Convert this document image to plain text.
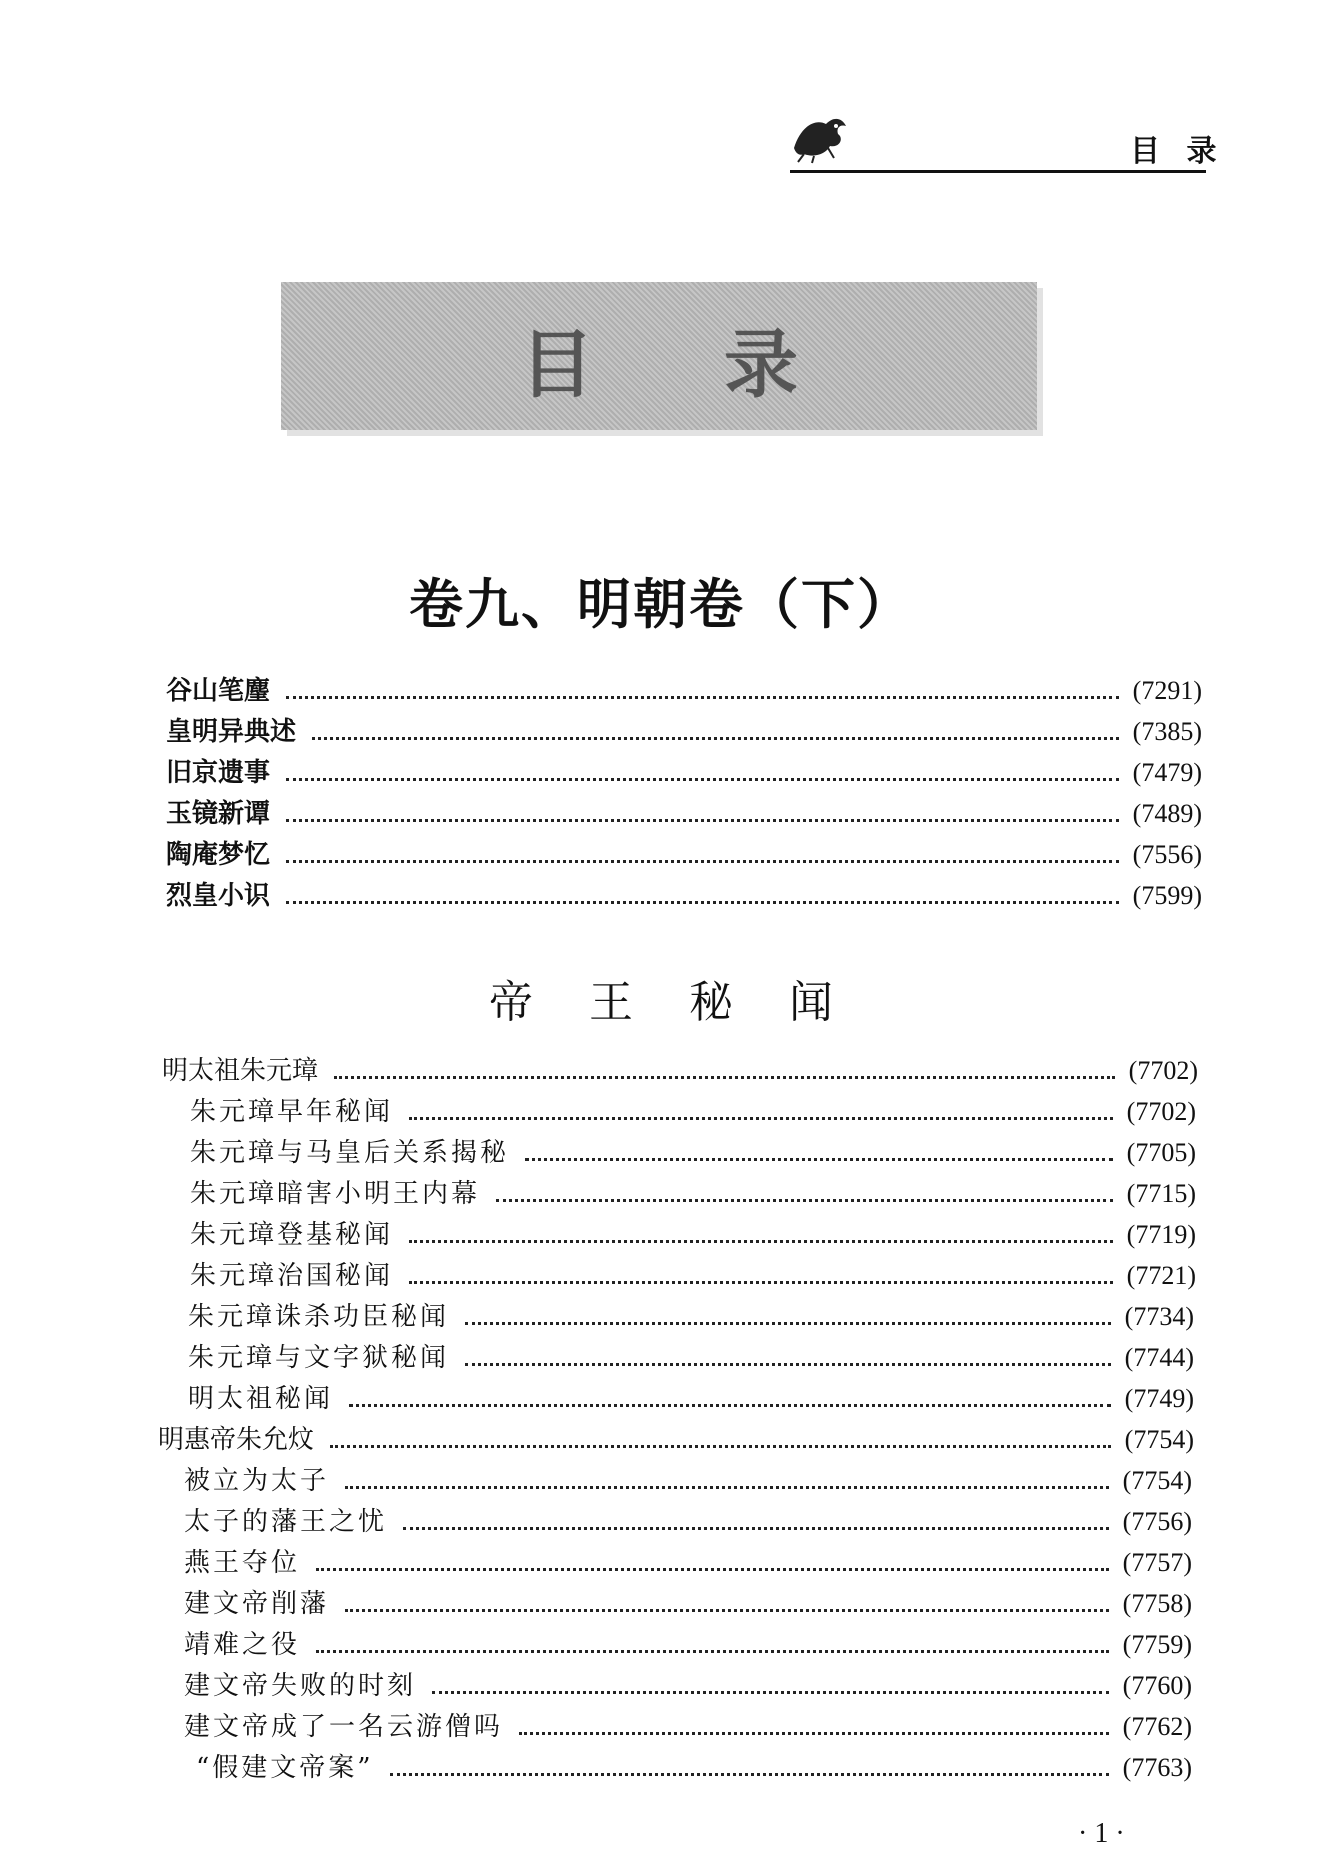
目 录
目录
卷九、明朝卷（下）
谷山笔麈	(7291)
皇明异典述	(7385)
旧京遗事	(7479)
玉镜新谭	(7489)
陶庵梦忆	(7556)
烈皇小识	(7599)
帝王秘闻
明太祖朱元璋	(7702)
朱元璋早年秘闻	(7702)
朱元璋与马皇后关系揭秘	(7705)
朱元璋暗害小明王内幕	(7715)
朱元璋登基秘闻	(7719)
朱元璋治国秘闻	(7721)
朱元璋诛杀功臣秘闻	(7734)
朱元璋与文字狱秘闻	(7744)
明太祖秘闻	(7749)
明惠帝朱允炆	(7754)
被立为太子	(7754)
太子的藩王之忧	(7756)
燕王夺位	(7757)
建文帝削藩	(7758)
靖难之役	(7759)
建文帝失败的时刻	(7760)
建文帝成了一名云游僧吗	(7762)
“假建文帝案”	(7763)
· 1 ·
